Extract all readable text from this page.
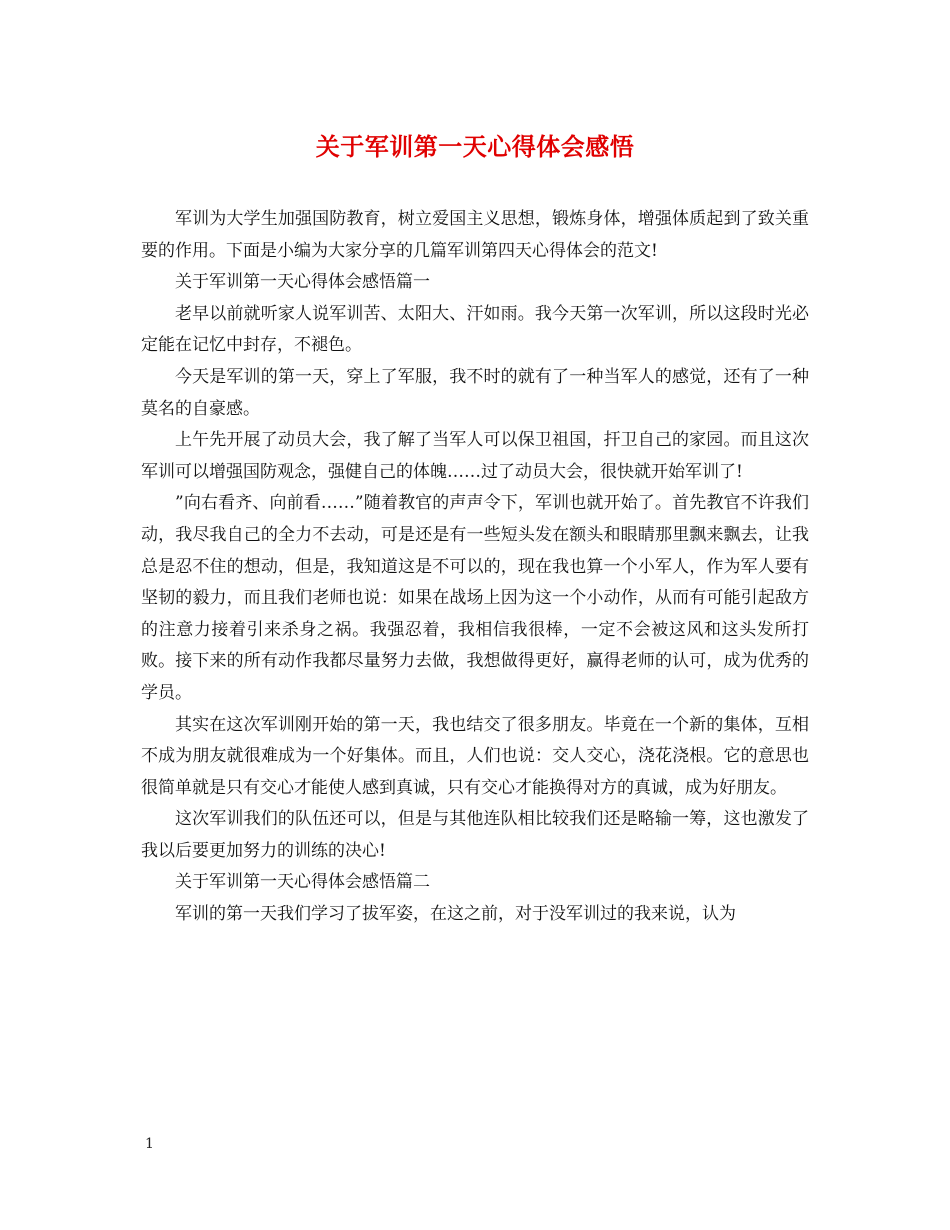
关于军训第一天心得体会感悟

军训为大学生加强国防教育，树立爱国主义思想，锻炼身体，增强体质起到了致关重要的作用。下面是小编为大家分享的几篇军训第四天心得体会的范文!

关于军训第一天心得体会感悟篇一

老早以前就听家人说军训苦、太阳大、汗如雨。我今天第一次军训，所以这段时光必定能在记忆中封存，不褪色。

今天是军训的第一天，穿上了军服，我不时的就有了一种当军人的感觉，还有了一种莫名的自豪感。

上午先开展了动员大会，我了解了当军人可以保卫祖国，扞卫自己的家园。而且这次军训可以增强国防观念，强健自己的体魄……过了动员大会，很快就开始军训了!

”向右看齐、向前看……”随着教官的声声令下，军训也就开始了。首先教官不许我们动，我尽我自己的全力不去动，可是还是有一些短头发在额头和眼睛那里飘来飘去，让我总是忍不住的想动，但是，我知道这是不可以的，现在我也算一个小军人，作为军人要有坚韧的毅力，而且我们老师也说：如果在战场上因为这一个小动作，从而有可能引起敌方的注意力接着引来杀身之祸。我强忍着，我相信我很棒，一定不会被这风和这头发所打败。接下来的所有动作我都尽量努力去做，我想做得更好，赢得老师的认可，成为优秀的学员。

其实在这次军训刚开始的第一天，我也结交了很多朋友。毕竟在一个新的集体，互相不成为朋友就很难成为一个好集体。而且，人们也说：交人交心，浇花浇根。它的意思也很简单就是只有交心才能使人感到真诚，只有交心才能换得对方的真诚，成为好朋友。

这次军训我们的队伍还可以，但是与其他连队相比较我们还是略输一筹，这也激发了我以后要更加努力的训练的决心!

关于军训第一天心得体会感悟篇二

军训的第一天我们学习了拔军姿，在这之前，对于没军训过的我来说，认为

1
